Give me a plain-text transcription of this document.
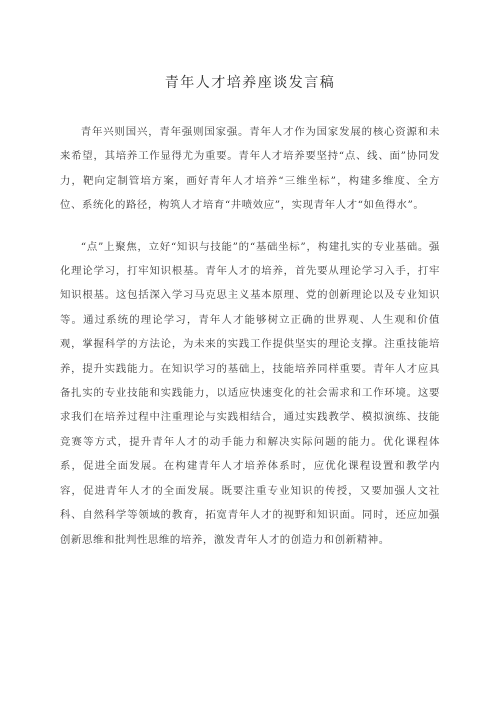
青年人才培养座谈发言稿

青年兴则国兴，青年强则国家强。青年人才作为国家发展的核心资源和未来希望，其培养工作显得尤为重要。青年人才培养要坚持“点、线、面”协同发力，靶向定制管培方案，画好青年人才培养“三维坐标”，构建多维度、全方位、系统化的路径，构筑人才培育“井喷效应”，实现青年人才“如鱼得水”。

“点”上聚焦，立好“知识与技能”的“基础坐标”，构建扎实的专业基础。强化理论学习，打牢知识根基。青年人才的培养，首先要从理论学习入手，打牢知识根基。这包括深入学习马克思主义基本原理、党的创新理论以及专业知识等。通过系统的理论学习，青年人才能够树立正确的世界观、人生观和价值观，掌握科学的方法论，为未来的实践工作提供坚实的理论支撑。注重技能培养，提升实践能力。在知识学习的基础上，技能培养同样重要。青年人才应具备扎实的专业技能和实践能力，以适应快速变化的社会需求和工作环境。这要求我们在培养过程中注重理论与实践相结合，通过实践教学、模拟演练、技能竞赛等方式，提升青年人才的动手能力和解决实际问题的能力。优化课程体系，促进全面发展。在构建青年人才培养体系时，应优化课程设置和教学内容，促进青年人才的全面发展。既要注重专业知识的传授，又要加强人文社科、自然科学等领域的教育，拓宽青年人才的视野和知识面。同时，还应加强创新思维和批判性思维的培养，激发青年人才的创造力和创新精神。
